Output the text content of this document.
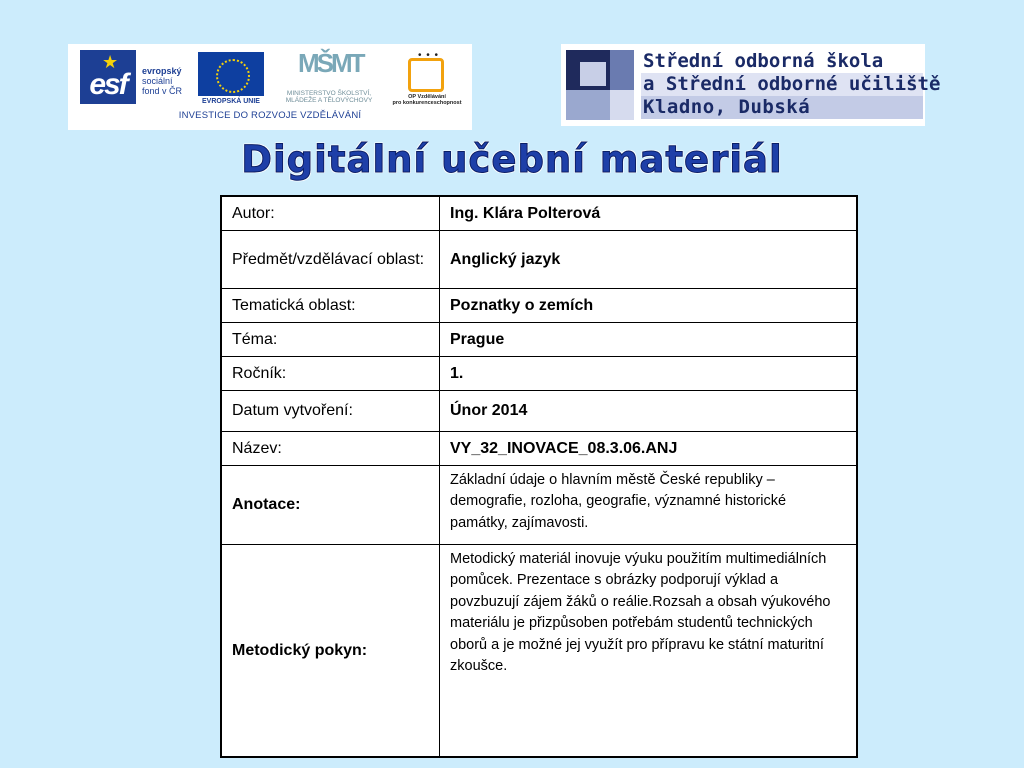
★
esf	evropský
sociální
fond v ČR
EVROPSKÁ UNIE
MŠMT
MINISTERSTVO ŠKOLSTVÍ,
MLÁDEŽE A TĚLOVÝCHOVY
• • •
OP Vzdělávání
pro konkurenceschopnost
INVESTICE DO ROZVOJE VZDĚLÁVÁNÍ
Střední odborná škola
a Střední odborné učiliště
Kladno, Dubská
Digitální učební materiál
Autor:	Ing. Klára Polterová
Předmět/vzdělávací oblast:	Anglický jazyk
Tematická oblast:	Poznatky o zemích
Téma:	Prague
Ročník:	1.
Datum vytvoření:	Únor 2014
Název:	VY_32_INOVACE_08.3.06.ANJ
Anotace:	Základní údaje o hlavním městě České republiky – demografie, rozloha, geografie, významné historické památky, zajímavosti.
Metodický pokyn:	Metodický materiál inovuje výuku použitím multimediálních pomůcek. Prezentace s obrázky podporují výklad a povzbuzují zájem žáků o reálie.Rozsah a obsah výukového materiálu je přizpůsoben potřebám studentů technických oborů a je možné jej využít pro přípravu ke státní maturitní zkoušce.
